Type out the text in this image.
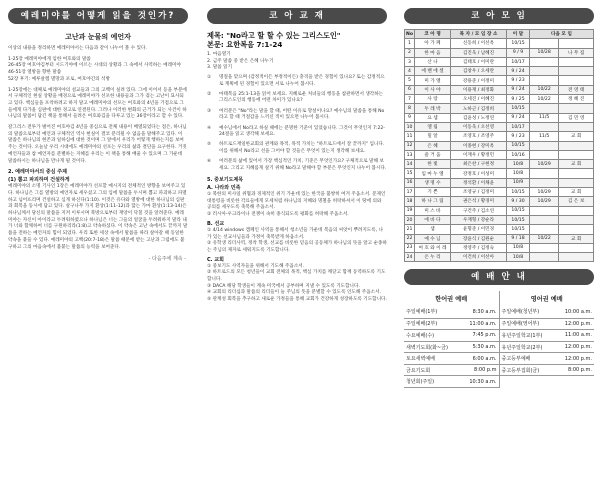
예레미야를 어떻게 읽을 것인가?
고난과 눈물의 예언자
이상의 내용을 정리하면 예레미야서는 다음과 같이 나누어 볼 수 있다.
1-25장 예레미야에게 임한 여호와의 말씀
26-45장 여호야김부터 시드기야에 이르는 시대의 상황과 그 속에서 사역하는 예레미야
46-51장 열방을 향한 말씀
52장 후기: 예루살렘 멸망과 포로, 여호야긴의 석방
1-25장에는 대체로 예레미야의 설교들과 그의 고백이 실려 있다. 그에 이어서 등을 부분에서 구체적인 현실 상황을 배경으로 예레미야가 선포한 내용들과 그가 겪는 고난이 묘사되고 있다. 핵심들을 포착하려고 하지 말고 예레미야의 선포는 여호와의 4년을 기점으로 그들에게 다가올 심판에 대한 경고로 연결된다. 그러나 이러한 변화의 근거가 되는 사건이 하나님의 말씀이 담긴 책을 통해서 들려온 여호와김을 다루고 있는 36장이라고 할 수 있다.
갈그리스 전투가 벌어진 여호야김 4년을 중심으로 전체 내용이 배열되었다는 점은, 하나님의 말씀으로부터 예언과 구체적인 역사 현실이 결코 분리될 수 없음을 말해주고 있다. 이 말씀은 하나님의 현존과 일하심에 대한 것이며 그 앞에서 우리가 어떻게 행하는지를 보여주는 것이다. 오늘날 우리 시대에도 예레미야의 선포는 우리의 삶과 결단을 요구한다. 거짓 예언자들과 참 예언자를 분별하는 지혜를 우리는 이 책을 통해 배울 수 있으며 그 가운데 말씀하시는 하나님을 만나게 될 것이다.
2. 예레미야서의 중심 주제
(1) 뽑고 파괴하며 건설하게
예레미야의 소명 기사인 1장은 예레미야가 선포할 메시지의 전체적인 방향을 보여주고 있다. 하나님은 그를 열방의 예언자로 세우셨고 그의 입에 말씀을 두시며 뽑고 파괴하고 파멸하고 넘어뜨리며 건설하고 심게 하신다(1:10). 이것은 유다와 열방에 대한 하나님의 심판과 회복을 동시에 담고 있다. 살구나무 가지 환상(1:11-12)과 끓는 가마 환상(1:13-14)은 하나님께서 당신의 말씀을 지켜 이루시며 북방으로부터 재앙이 닥칠 것을 알려준다. 예레미야는 자신이 아이라고 두려워하였으나 하나님은 너는 그들의 얼굴을 두려워하지 말라 내가 너와 함께하여 너를 구원하리라(1:8)고 약속하셨다. 이 약속은 고난 속에서도 끝까지 말씀을 전하는 예언자의 힘이 되었다. 우리 또한 세상 속에서 말씀을 따라 살아갈 때 동일한 약속을 붙들 수 있다. 예레미야의 고백(20:7-18)은 말씀 때문에 받는 고난과 그럼에도 불구하고 그의 마음속에서 불붙는 말씀의 능력을 보여준다.
- 다음주에 계속 -
코 아 교 재
제목: "No라고 할 할 수 있는 그리스도인"
본문: 요한복음 7:1-24
1. 마음열기
2. 금주 말씀 중 받은 은혜 나누기
3. 말씀 읽기
①	명절을 맞으며 (감정적이든 부정적이든) 충격을 받은 경험이 있나요? 또는 감정적으로 계획에 된 경험이 있으면 서로 나누어 봅시다.
②	마태복음 25:1-13을 읽어 보세요. 지혜로운 처녀들의 행동을 참관하면서 생각하는 그리스도인의 행동에 어떤 차이가 있나요?
③	여러분은 "No"라는 말을 할 때, 어떤 이유로 망설이나요? 예수님의 말씀을 통해 No라고 할 때 거절감을 느끼신 적이 있으면 나누어 봅시다.
④	예수님에서 No라고 하실 때에는 분명한 기준이 있었습니다. 그것이 무엇인지 7:22-24절을 읽고 생각해 보세요.
⑤	하트로드재일한교회의 관계와 목적, 목적 가치는 "하트로드에서 잘 끝까지" 입니다. 이를 위해서 No라고 선을 그어야 할 것들은 무엇이 있는지 생각해 보세요.
⑥	여러분의 삶에 있어서 가장 핵심적인 가치, 기준은 무엇인가요? 구체적으로 말해 보세요. 그리고 지혜롭게 살기 위해 No라고 말해야 할 부분은 무엇인지 나누어 봅시다.
5. 중보기도제목
A. 나라와 민족
① 북한의 미사일 위협과 경제적인 위기 가운데 있는 한국을 불쌍히 여겨 주옵소서. 문제인 대통령을 비롯한 각료들에게 모세처럼 하나님의 지혜와 명철을 허락하셔서 이 땅에 의와 공의를 세우도록 축복해 주옵소서.
② 러시아-우크라이나 전쟁이 속히 종식되도록 평화를 허락해 주옵소서.
B. 선교
① 4/14 windows 캠페인 사역을 통해서 청소년들 가운데 복음의 씨앗이 뿌려지도록, 나가 있는 선교사님들과 가정이 축복받게 하옵소서.
② 유학생 리더사역, 정착 학생, 선교를 비롯한 믿음의 공동체가 하나님의 뜻을 알고 순종하는 주님의 제자로 세워지도록 기도합니다.
C. 교회
① 중보기도 사역자들을 위해서 기도해 주옵소서.
② 하트로드의 모든 청년들이 교회 전체의 목적, 핵심 가치를 깨닫고 함께 동역하도록 기도합니다.
③ DACA 해당 학생들이 계속 미국에서 공부하며 지낼 수 있도록 기도합니다.
④ 교회의 리더십과 말씀의 리더들이 늘 주님의 뜻을 분별할 수 있도록 인도해 주옵소서.
⑤ 관계성 회복을 추구하고 새로운 가정들을 통해 교회가 건강하게 성장하도록 기도합니다.
코 아 모 임
No	코 아 명	목 자 / 모 임 장 소	이 달	다음 모 임	
1	아 가 페	신동희 / 이선옥	10/15		
2	한 마 음	김진욱 / 남혜진	9 / 9	10/28	나 무 집
3	산 나	김태호 / 이미란	10/17		
4	에 벤 에 셀	김창우 / 오세란	9 / 24		
5	미 가 엘	강용준 / 이정미	9 / 23		
6	이 사 야	이용재 / 최정화	9 / 24	10/22	전 영 태
7	사 랑	오세진 / 이혜진	9 / 25	10/22	정 혜 진
8	두 레 박	노하근 / 김정희	10/15		
9	요 셉	김윤성 / 노정연	9 / 24	11/5	김 민 영
10	엘 림	이동욱 / 오선영	10/17		
11	밀 알	조영호 / 조영주	9 / 23	11/5	교 회
12	은 혜	이종현 / 강미옥	10/15		
13	즐 거 움	이재우 / 황정민	10/16		
14	한 빛	최은찬 / 구현정	10/8	10/29	교 회
15	임 마 누 엘	강정호 / 이성미	10/8		
16	생 명 수	정석환 / 이채윤	10/9		
17	기 쁜	조영규 / 김정미	10/15	10/29	교 회
18	하 나 그 림	권은석 / 황경미	9 / 30	10/29	김 은 보
19	미 스 바	구건주 / 김소연	10/15		
20	에 바 다	우재형 / 강순라	10/15		
21	샘	윤형준 / 이민경	10/15		
22	예 수 님	장윤식 / 김원순	9 / 18	10/22	교 회
23	여 호 와 이 레	정영주 / 김정숙	10/8		
24	온 누 리	이건희 / 이선아	10/8		
예 배 안 내
한어권 예배
주일예배(1부)	8:30 a.m.
주일예배(2부)	11:00 a.m.
수요예배(수)	7:45 p.m.
새벽기도회(화~금)	5:30 a.m.
토요새벽예배	6:00 a.m.
금요기도회	8:00 p.m
청년회(주일)	10:30 a.m.
영어권 예배
주일예배(청년부)	10:00 a.m.
주일예배(영어부)	12:00 p.m.
유년주일학교(1부)	11:00 a.m.
유년주일학교(2부)	12:00 p.m.
중고등부예배	12:00 p.m.
중고등부집회(금)	8:00 p.m.
